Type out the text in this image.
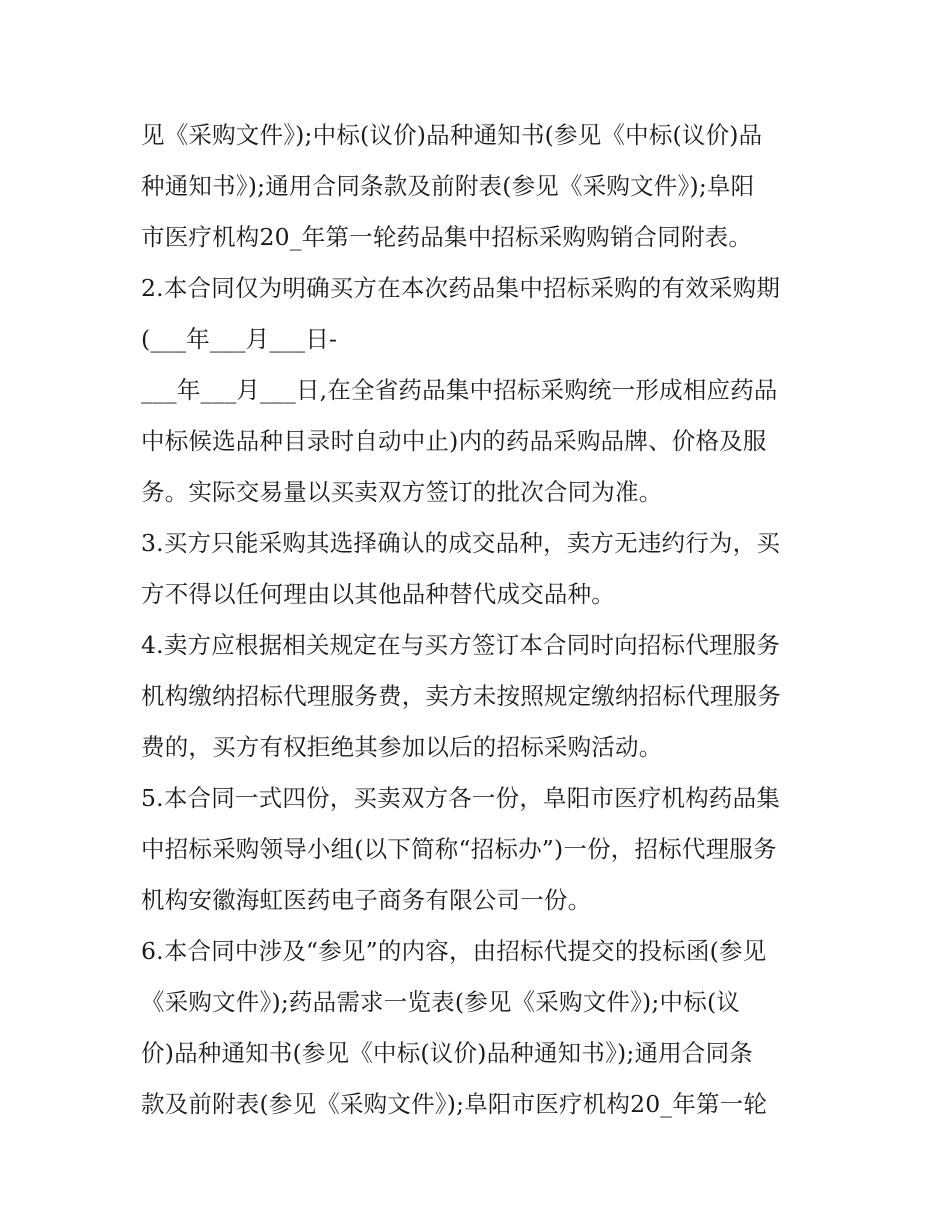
见《采购文件》);中标(议价)品种通知书(参见《中标(议价)品
种通知书》);通用合同条款及前附表(参见《采购文件》);阜阳
市医疗机构20_年第一轮药品集中招标采购购销合同附表。
2.本合同仅为明确买方在本次药品集中招标采购的有效采购期
(___年___月___日-
___年___月___日,在全省药品集中招标采购统一形成相应药品
中标候选品种目录时自动中止)内的药品采购品牌、价格及服
务。实际交易量以买卖双方签订的批次合同为准。
3.买方只能采购其选择确认的成交品种，卖方无违约行为，买
方不得以任何理由以其他品种替代成交品种。
4.卖方应根据相关规定在与买方签订本合同时向招标代理服务
机构缴纳招标代理服务费，卖方未按照规定缴纳招标代理服务
费的，买方有权拒绝其参加以后的招标采购活动。
5.本合同一式四份，买卖双方各一份，阜阳市医疗机构药品集
中招标采购领导小组(以下简称“招标办”)一份，招标代理服务
机构安徽海虹医药电子商务有限公司一份。
6.本合同中涉及“参见”的内容，由招标代提交的投标函(参见
《采购文件》);药品需求一览表(参见《采购文件》);中标(议
价)品种通知书(参见《中标(议价)品种通知书》);通用合同条
款及前附表(参见《采购文件》);阜阳市医疗机构20_年第一轮
